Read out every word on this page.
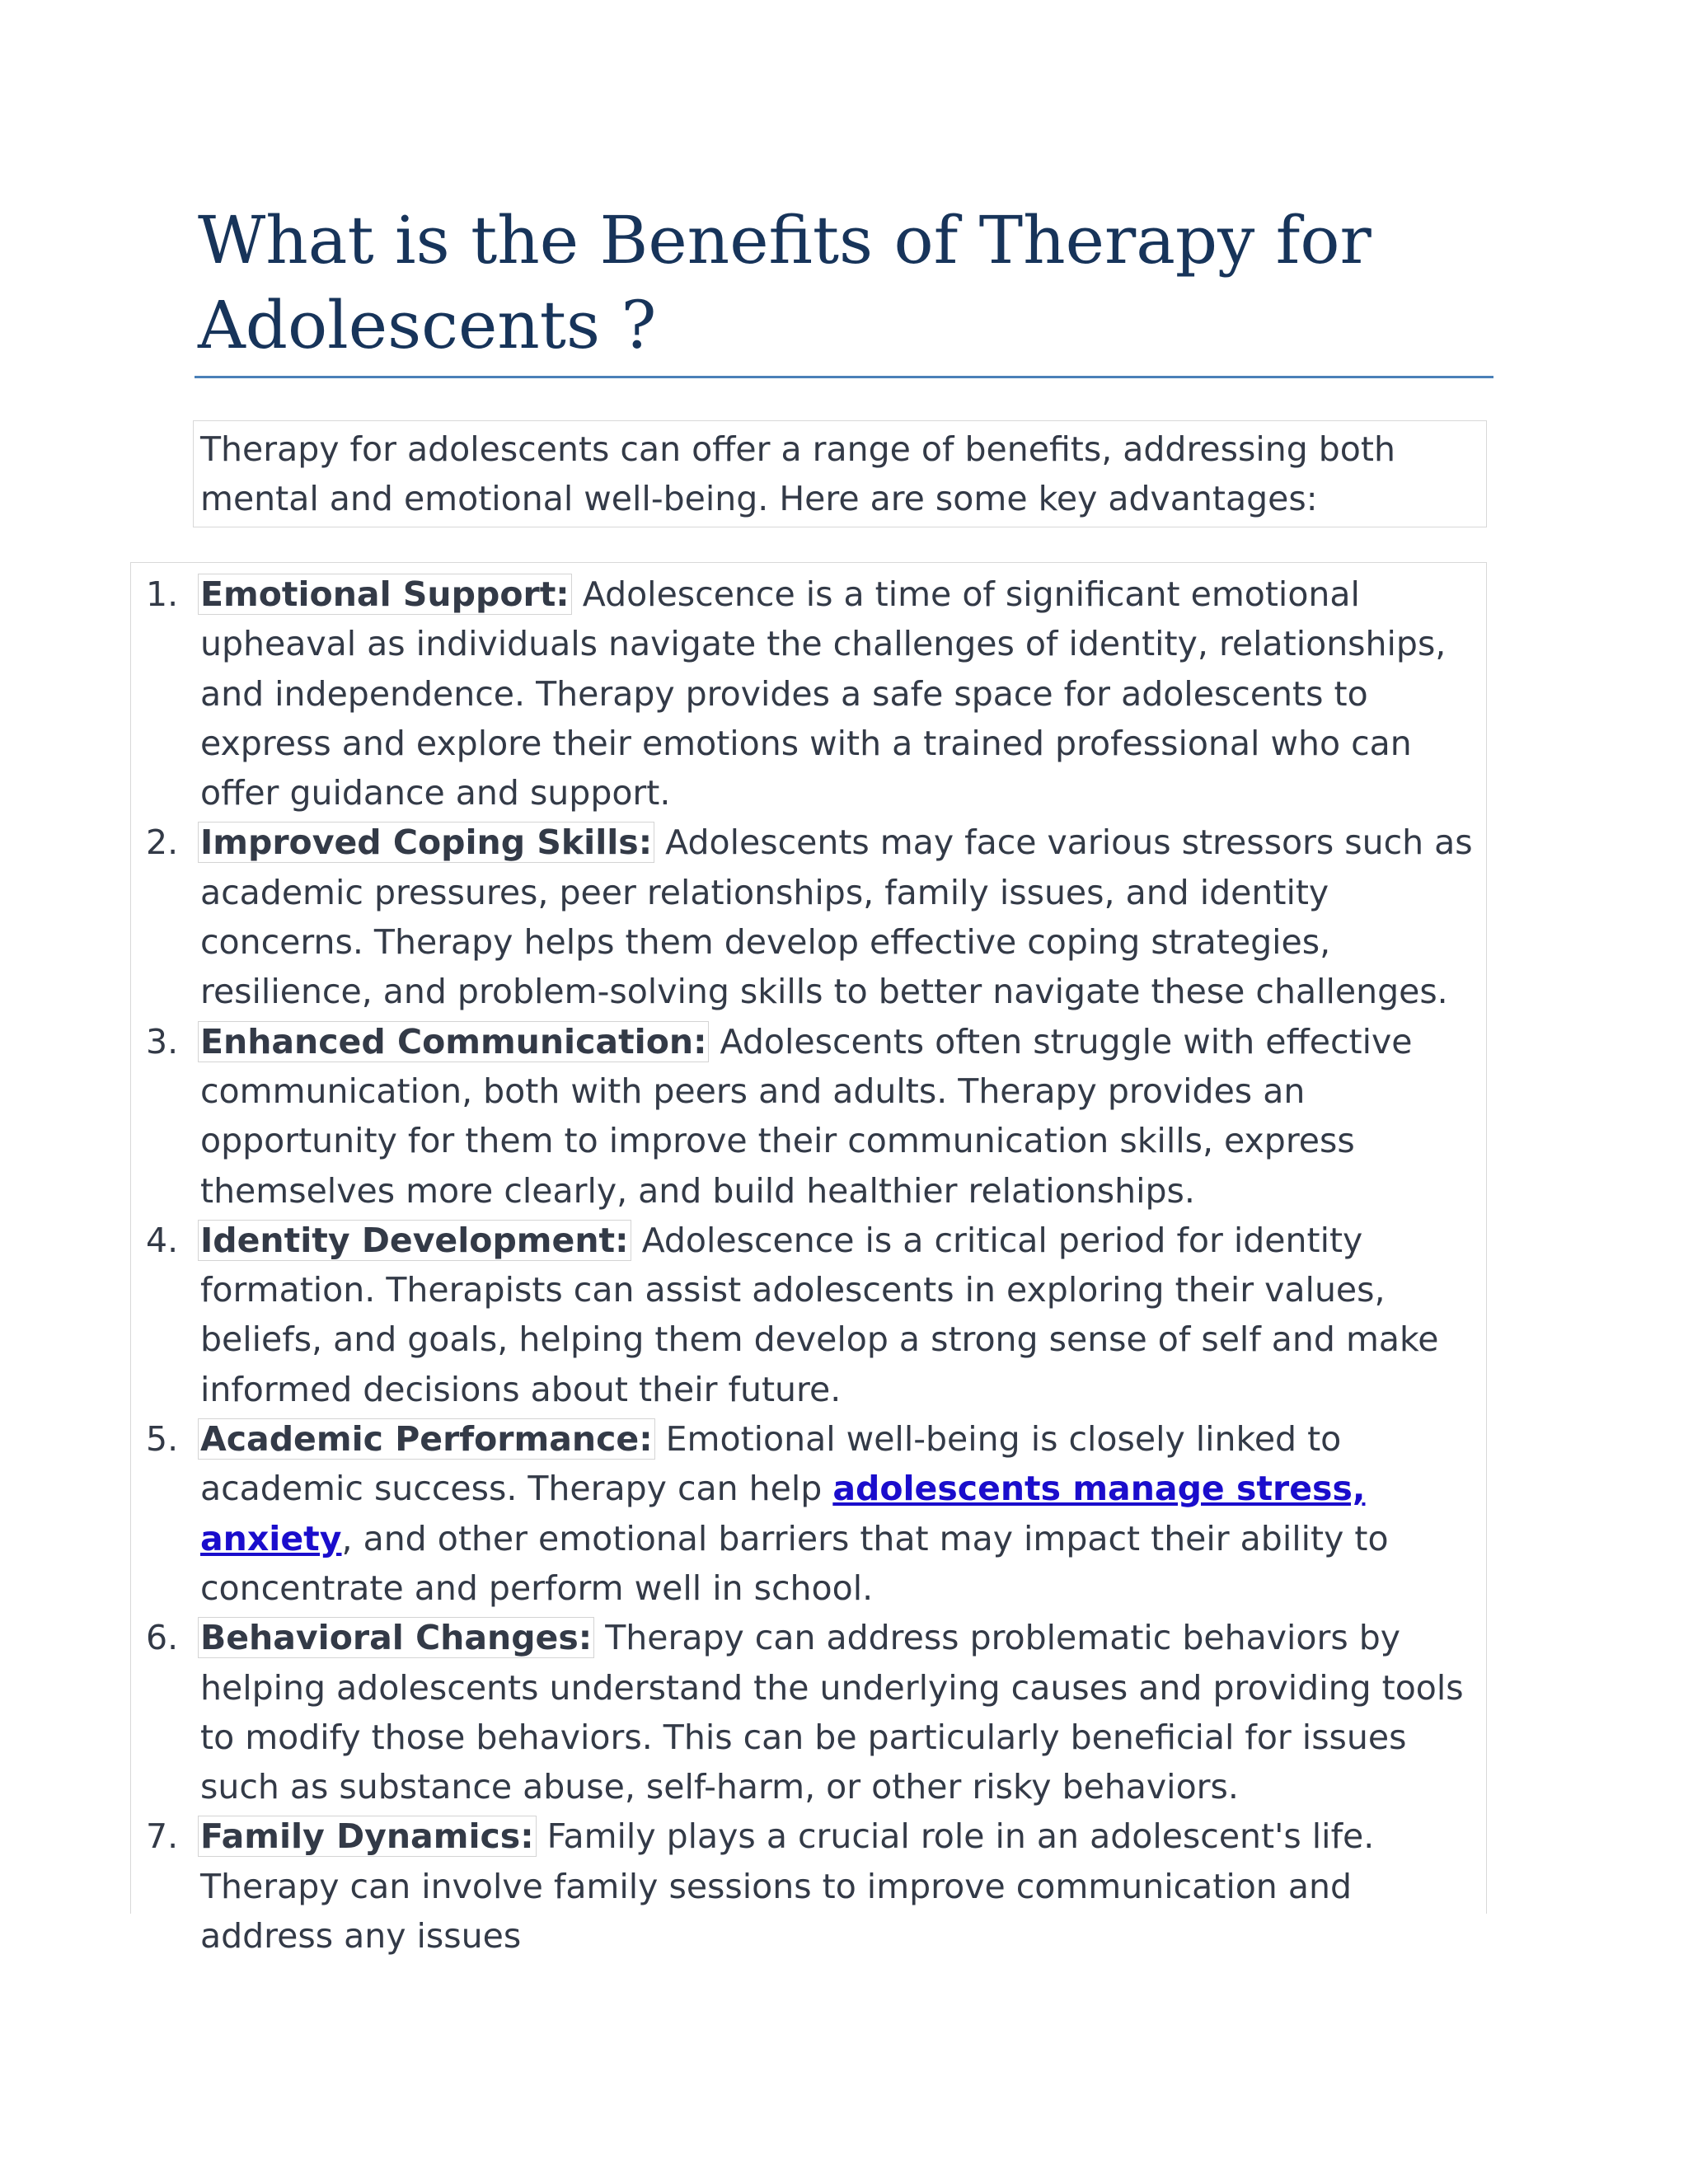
What is the Benefits of Therapy for Adolescents ?

Therapy for adolescents can offer a range of benefits, addressing both mental and emotional well-being. Here are some key advantages:

1. Emotional Support: Adolescence is a time of significant emotional upheaval as individuals navigate the challenges of identity, relationships, and independence. Therapy provides a safe space for adolescents to express and explore their emotions with a trained professional who can offer guidance and support.
2. Improved Coping Skills: Adolescents may face various stressors such as academic pressures, peer relationships, family issues, and identity concerns. Therapy helps them develop effective coping strategies, resilience, and problem-solving skills to better navigate these challenges.
3. Enhanced Communication: Adolescents often struggle with effective communication, both with peers and adults. Therapy provides an opportunity for them to improve their communication skills, express themselves more clearly, and build healthier relationships.
4. Identity Development: Adolescence is a critical period for identity formation. Therapists can assist adolescents in exploring their values, beliefs, and goals, helping them develop a strong sense of self and make informed decisions about their future.
5. Academic Performance: Emotional well-being is closely linked to academic success. Therapy can help adolescents manage stress, anxiety, and other emotional barriers that may impact their ability to concentrate and perform well in school.
6. Behavioral Changes: Therapy can address problematic behaviors by helping adolescents understand the underlying causes and providing tools to modify those behaviors. This can be particularly beneficial for issues such as substance abuse, self-harm, or other risky behaviors.
7. Family Dynamics: Family plays a crucial role in an adolescent's life. Therapy can involve family sessions to improve communication and address any issues
